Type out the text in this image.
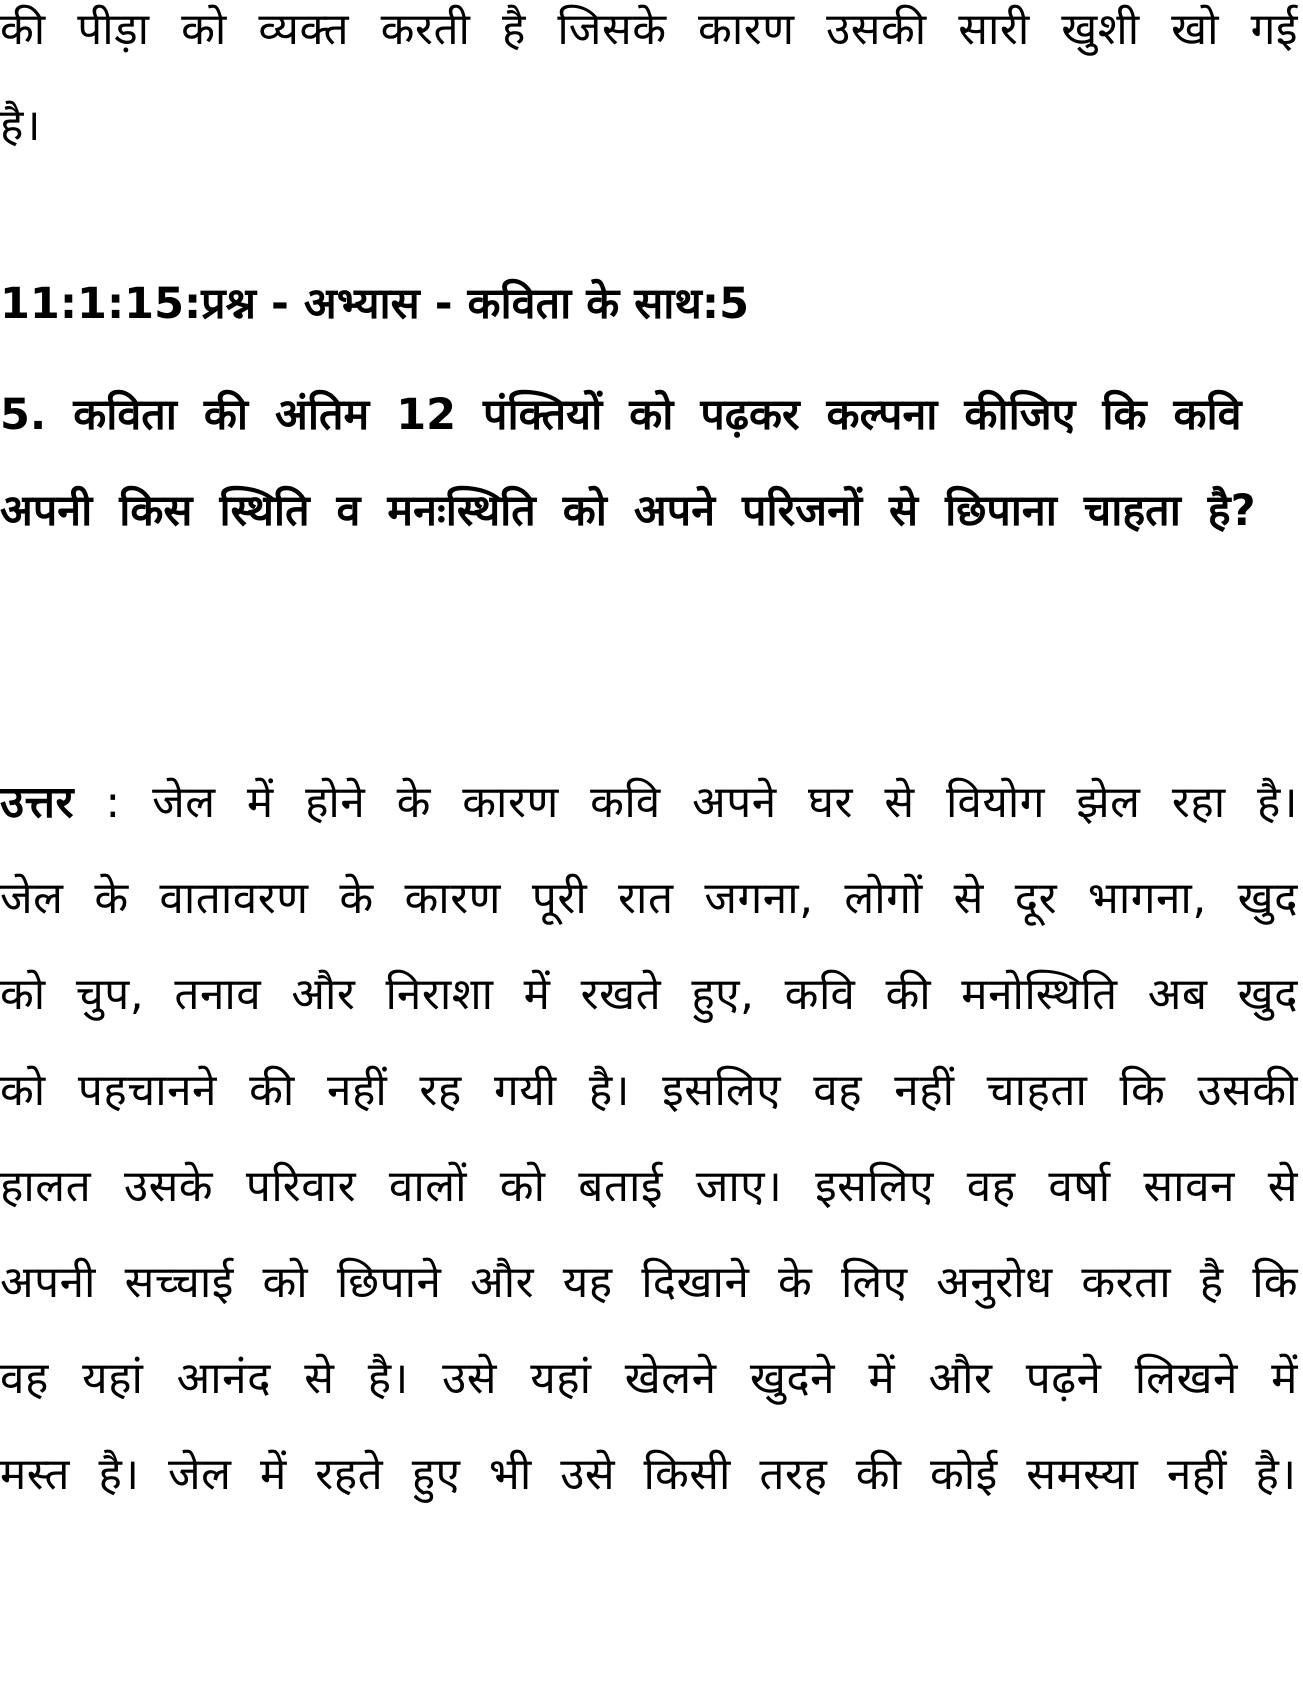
की पीड़ा को व्यक्त करती है जिसके कारण उसकी सारी खुशी खो गई है।

11:1:15:प्रश्न - अभ्यास - कविता के साथ:5

5. कविता की अंतिम 12 पंक्तियों को पढ़कर कल्पना कीजिए कि कवि अपनी किस स्थिति व मनःस्थिति को अपने परिजनों से छिपाना चाहता है?

उत्तर : जेल में होने के कारण कवि अपने घर से वियोग झेल रहा है। जेल के वातावरण के कारण पूरी रात जगना, लोगों से दूर भागना, खुद को चुप, तनाव और निराशा में रखते हुए, कवि की मनोस्थिति अब खुद को पहचानने की नहीं रह गयी है। इसलिए वह नहीं चाहता कि उसकी हालत उसके परिवार वालों को बताई जाए। इसलिए वह वर्षा सावन से अपनी सच्चाई को छिपाने और यह दिखाने के लिए अनुरोध करता है कि वह यहां आनंद से है। उसे यहां खेलने खुदने में और पढ़ने लिखने में मस्त है। जेल में रहते हुए भी उसे किसी तरह की कोई समस्या नहीं है।
